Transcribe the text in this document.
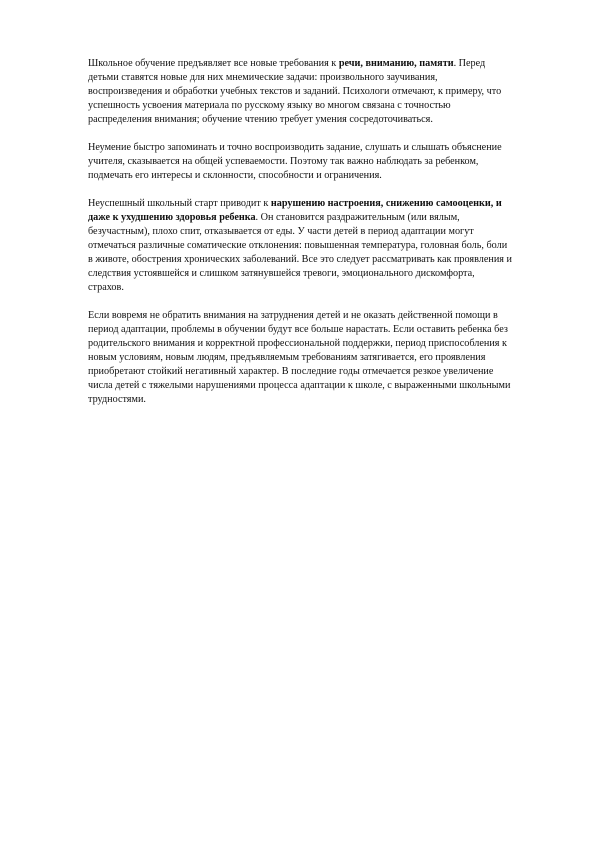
Школьное обучение предъявляет все новые требования к речи, вниманию, памяти. Перед детьми ставятся новые для них мнемические задачи: произвольного заучивания, воспроизведения и обработки учебных текстов и заданий. Психологи отмечают, к примеру, что успешность усвоения материала по русскому языку во многом связана с точностью распределения внимания; обучение чтению требует умения сосредоточиваться.

Неумение быстро запоминать и точно воспроизводить задание, слушать и слышать объяснение учителя, сказывается на общей успеваемости. Поэтому так важно наблюдать за ребенком, подмечать его интересы и склонности, способности и ограничения.

Неуспешный школьный старт приводит к нарушению настроения, снижению самооценки, и даже к ухудшению здоровья ребенка. Он становится раздражительным (или вялым, безучастным), плохо спит, отказывается от еды. У части детей в период адаптации могут отмечаться различные соматические отклонения: повышенная температура, головная боль, боли в животе, обострения хронических заболеваний. Все это следует рассматривать как проявления и следствия устоявшейся и слишком затянувшейся тревоги, эмоционального дискомфорта, страхов.

Если вовремя не обратить внимания на затруднения детей и не оказать действенной помощи в период адаптации, проблемы в обучении будут все больше нарастать. Если оставить ребенка без родительского внимания и корректной профессиональной поддержки, период приспособления к новым условиям, новым людям, предъявляемым требованиям затягивается, его проявления приобретают стойкий негативный характер. В последние годы отмечается резкое увеличение числа детей с тяжелыми нарушениями процесса адаптации к школе, с выраженными школьными трудностями.
